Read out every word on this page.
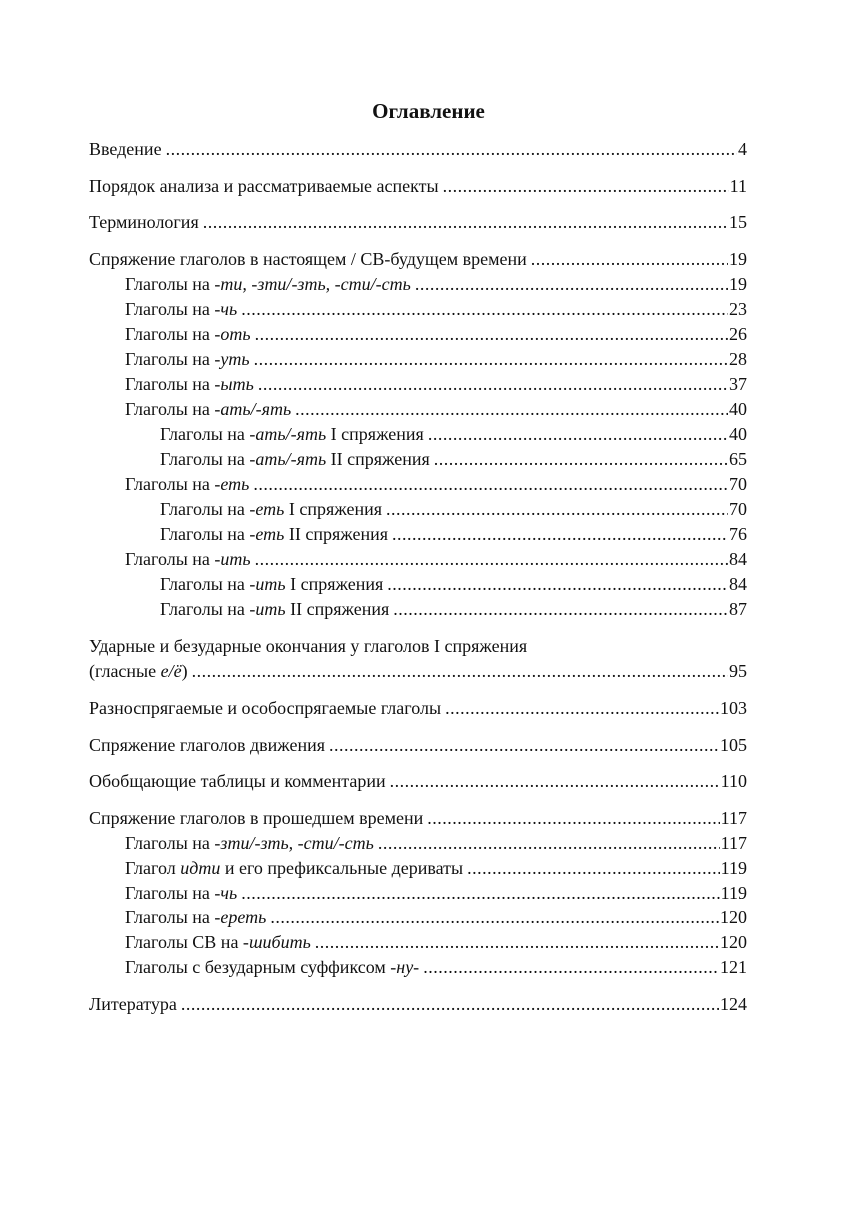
Оглавление
Введение .....	4
Порядок анализа и рассматриваемые аспекты .....	11
Терминология .....	15
Спряжение глаголов в настоящем / СВ-будущем времени .....	19
Глаголы на -ти, -зти/-зть, -сти/-сть .....	19
Глаголы на -чь .....	23
Глаголы на -оть .....	26
Глаголы на -уть .....	28
Глаголы на -ыть .....	37
Глаголы на -ать/-ять .....	40
Глаголы на -ать/-ять I спряжения .....	40
Глаголы на -ать/-ять II спряжения .....	65
Глаголы на -еть .....	70
Глаголы на -еть I спряжения .....	70
Глаголы на -еть II спряжения .....	76
Глаголы на -ить .....	84
Глаголы на -ить I спряжения .....	84
Глаголы на -ить II спряжения .....	87
Ударные и безударные окончания у глаголов I спряжения
(гласные е/ё) .....	95
Разноспрягаемые и особоспрягаемые глаголы .....	103
Спряжение глаголов движения .....	105
Обобщающие таблицы и комментарии .....	110
Спряжение глаголов в прошедшем времени .....	117
Глаголы на -зти/-зть, -сти/-сть .....	117
Глагол идти и его префиксальные дериваты .....	119
Глаголы на -чь .....	119
Глаголы на -ереть .....	120
Глаголы СВ на -шибить .....	120
Глаголы с безударным суффиксом -ну- .....	121
Литература .....	124
